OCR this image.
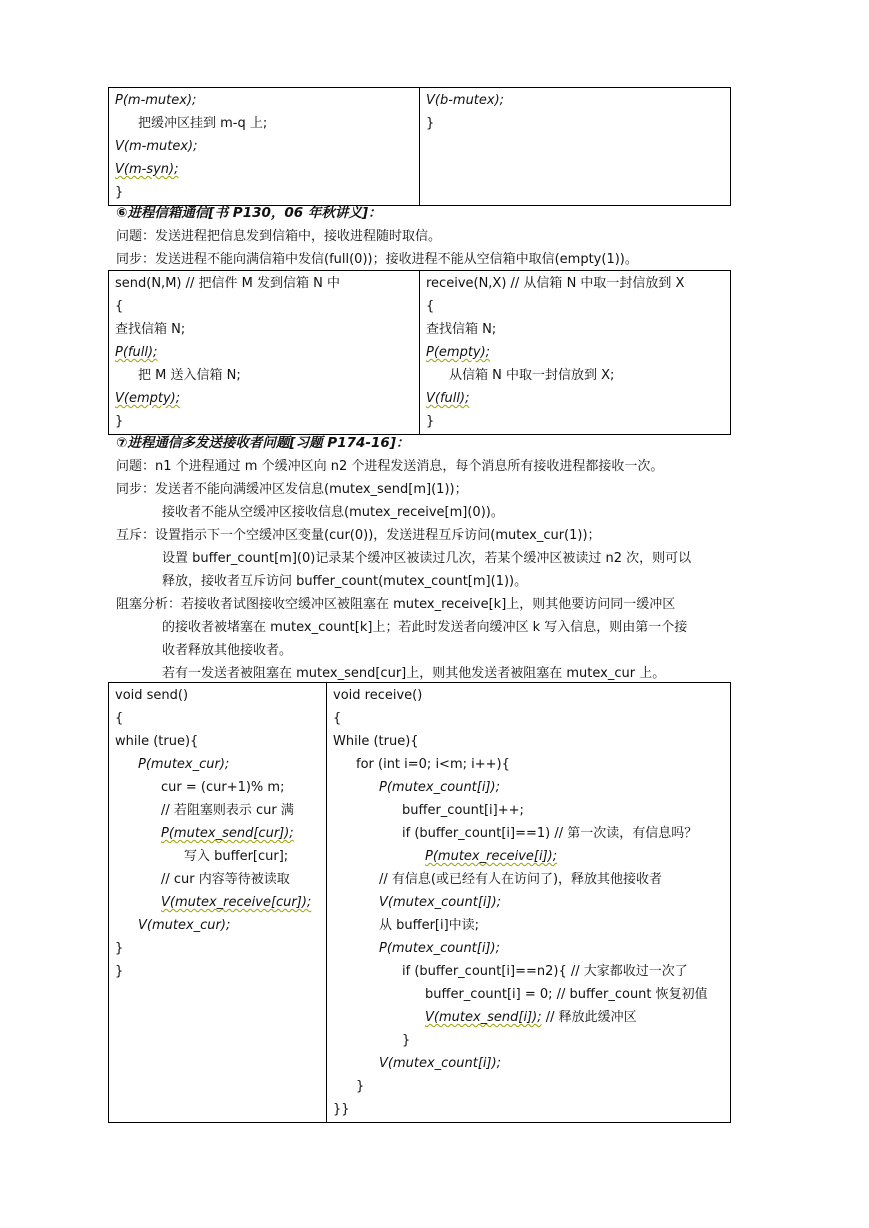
P(m-mutex);
把缓冲区挂到 m-q 上;
V(m-mutex);
V(m-syn);
}

V(b-mutex);
}
⑥进程信箱通信[书 P130，06 年秋讲义]：
问题：发送进程把信息发到信箱中，接收进程随时取信。
同步：发送进程不能向满信箱中发信(full(0))；接收进程不能从空信箱中取信(empty(1))。
send(N,M) // 把信件 M 发到信箱 N 中
{
查找信箱 N;
P(full);
把 M 送入信箱 N;
V(empty);
}

receive(N,X) // 从信箱 N 中取一封信放到 X
{
查找信箱 N;
P(empty);
从信箱 N 中取一封信放到 X;
V(full);
}
⑦进程通信多发送接收者问题[习题 P174-16]：
问题：n1 个进程通过 m 个缓冲区向 n2 个进程发送消息，每个消息所有接收进程都接收一次。
同步：发送者不能向满缓冲区发信息(mutex_send[m](1))；
接收者不能从空缓冲区接收信息(mutex_receive[m](0))。
互斥：设置指示下一个空缓冲区变量(cur(0))，发送进程互斥访问(mutex_cur(1))；
设置 buffer_count[m](0)记录某个缓冲区被读过几次，若某个缓冲区被读过 n2 次，则可以
释放，接收者互斥访问 buffer_count(mutex_count[m](1))。
阻塞分析：若接收者试图接收空缓冲区被阻塞在 mutex_receive[k]上，则其他要访问同一缓冲区
的接收者被堵塞在 mutex_count[k]上；若此时发送者向缓冲区 k 写入信息，则由第一个接
收者释放其他接收者。
若有一发送者被阻塞在 mutex_send[cur]上，则其他发送者被阻塞在 mutex_cur 上。
void send()
{
while (true){
P(mutex_cur);
cur = (cur+1)% m;
// 若阻塞则表示 cur 满
P(mutex_send[cur]);
写入 buffer[cur];
// cur 内容等待被读取
V(mutex_receive[cur]);
V(mutex_cur);
}
}

void receive()
{
While (true){
for (int i=0; i<m; i++){
P(mutex_count[i]);
buffer_count[i]++;
if (buffer_count[i]==1) // 第一次读，有信息吗？
P(mutex_receive[i]);
// 有信息(或已经有人在访问了)，释放其他接收者
V(mutex_count[i]);
从 buffer[i]中读;
P(mutex_count[i]);
if (buffer_count[i]==n2){ // 大家都收过一次了
buffer_count[i] = 0; // buffer_count 恢复初值
V(mutex_send[i]); // 释放此缓冲区
}
V(mutex_count[i]);
}
}}
